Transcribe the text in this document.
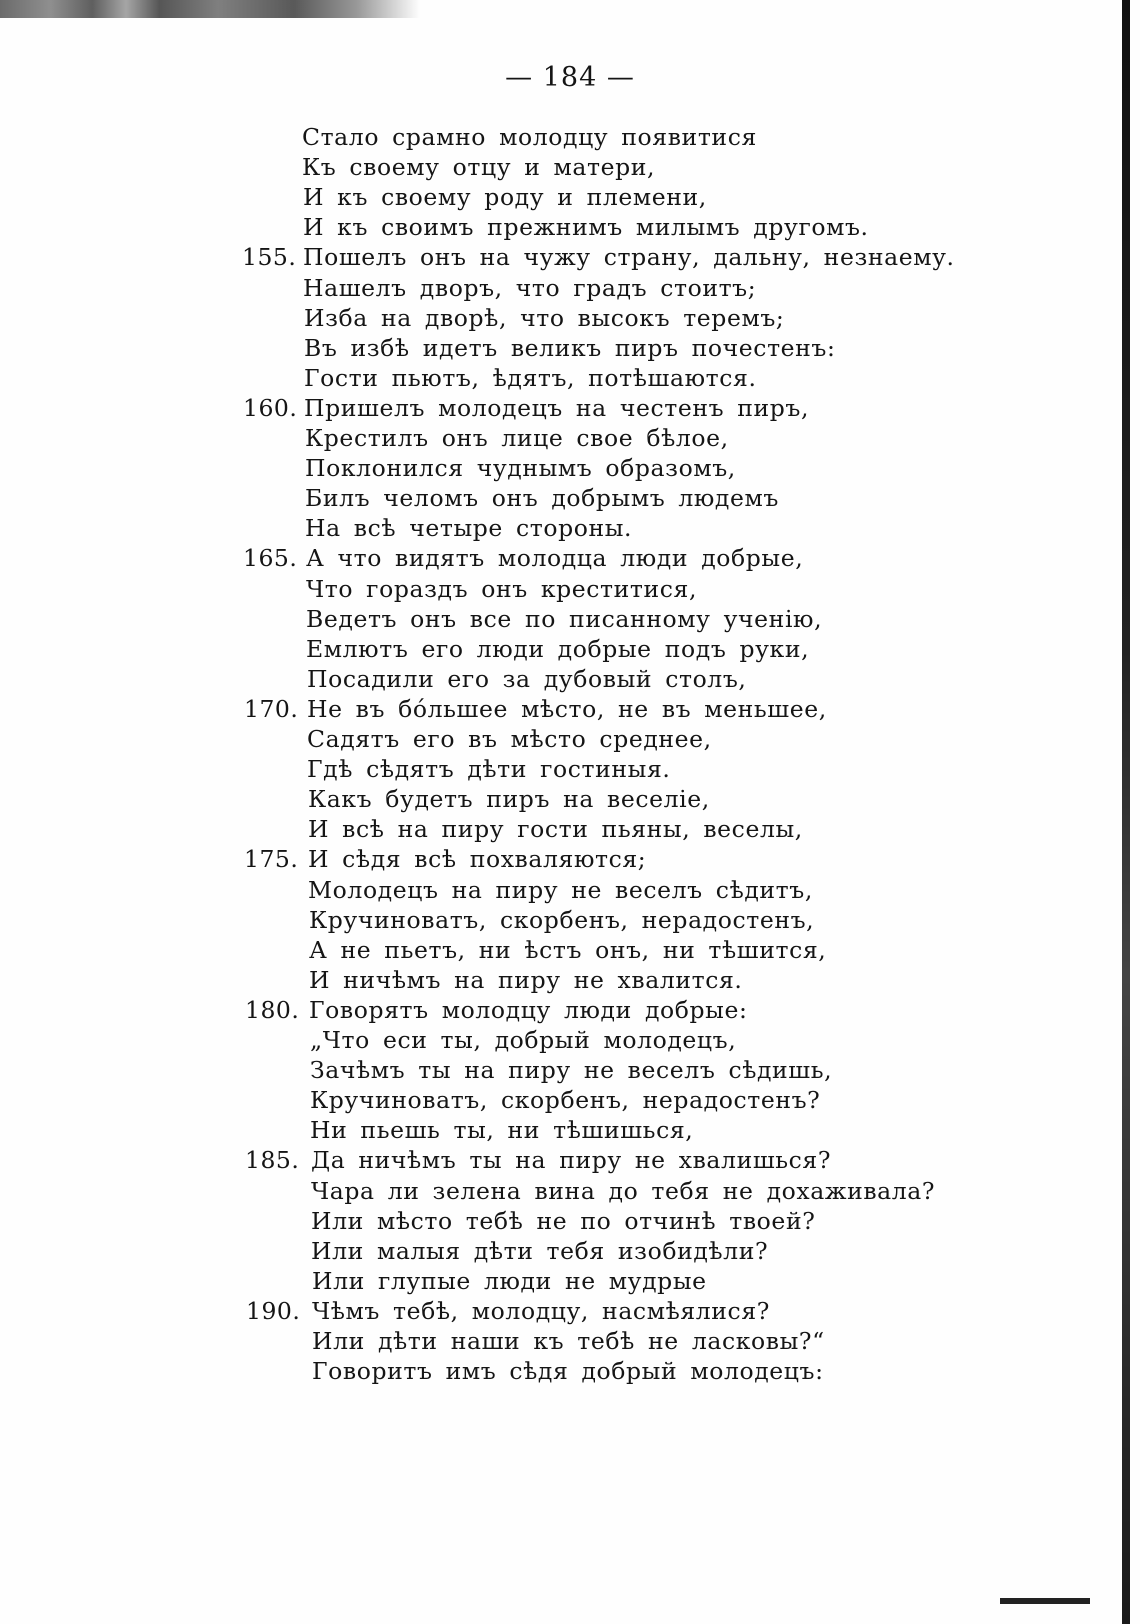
— 184 —
Стало срамно молодцу появитися
Къ своему отцу и матери,
И къ своему роду и племени,
И къ своимъ прежнимъ милымъ другомъ.
155. Пошелъ онъ на чужу страну, дальну, незнаему.
Нашелъ дворъ, что градъ стоитъ;
Изба на дворѣ, что высокъ теремъ;
Въ избѣ идетъ великъ пиръ почестенъ:
Гости пьютъ, ѣдятъ, потѣшаются.
160. Пришелъ молодецъ на честенъ пиръ,
Крестилъ онъ лице свое бѣлое,
Поклонился чуднымъ образомъ,
Билъ челомъ онъ добрымъ людемъ
На всѣ четыре стороны.
165. А что видятъ молодца люди добрые,
Что гораздъ онъ креститися,
Ведетъ онъ все по писанному ученію,
Емлютъ его люди добрые подъ руки,
Посадили его за дубовый столъ,
170. Не въ бо́льшее мѣсто, не въ меньшее,
Садятъ его въ мѣсто среднее,
Гдѣ сѣдятъ дѣти гостиныя.
Какъ будетъ пиръ на веселіе,
И всѣ на пиру гости пьяны, веселы,
175. И сѣдя всѣ похваляются;
Молодецъ на пиру не веселъ сѣдитъ,
Кручиноватъ, скорбенъ, нерадостенъ,
А не пьетъ, ни ѣстъ онъ, ни тѣшится,
И ничѣмъ на пиру не хвалится.
180. Говорятъ молодцу люди добрые:
„Что еси ты, добрый молодецъ,
Зачѣмъ ты на пиру не веселъ сѣдишь,
Кручиноватъ, скорбенъ, нерадостенъ?
Ни пьешь ты, ни тѣшишься,
185. Да ничѣмъ ты на пиру не хвалишься?
Чара ли зелена вина до тебя не доxаживала?
Или мѣсто тебѣ не по отчинѣ твоей?
Или малыя дѣти тебя изобидѣли?
Или глупые люди не мудрые
190. Чѣмъ тебѣ, молодцу, насмѣялися?
Или дѣти наши къ тебѣ не ласковы?“
Говоритъ имъ сѣдя добрый молодецъ:
